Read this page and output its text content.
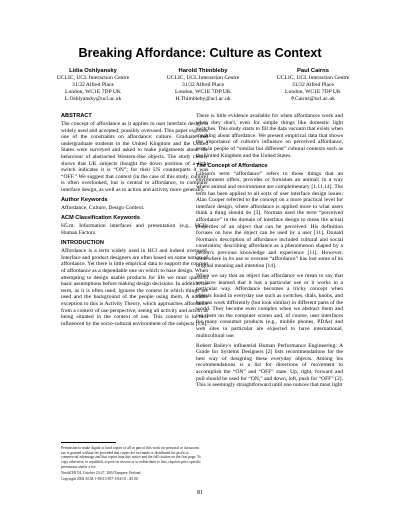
Breaking Affordance: Culture as Context
Lidia Oshlyansky
UCLIC, UCL Interaction Centre
31/32 Alfred Place
London, WC1E 7DP UK
L.Oshlyansky@ucl.ac.uk
Harold Thimbleby
UCLIC, UCL Interaction Centre
31/32 Alfred Place
London, WC1E 7DP UK
H.Thimbleby@ucl.ac.uk
Paul Cairns
UCLIC, UCL Interaction Centre
31/32 Alfred Place
London, WC1E 7DP UK
P.Cairns@ucl.ac.uk
ABSTRACT

The concept of affordance as it applies to user interface design is widely used and accepted; possibly overused. This paper explores one of the constraints on affordance: culture. Graduate and undergraduate students in the United Kingdom and the United States were surveyed and asked to make judgements about the behaviour of abstracted Western-like objects. The study clearly shows that UK subjects thought the down position of a light switch indicates it is “ON”; for their US counterparts it was “OFF.” We suggest that context (in the case of this study, culture) is often overlooked, but is central to affordance, to computer interface design, as well as to action and activity more generally.

Author Keywords

Affordance, Culture, Design Context.

ACM Classification Keywords

H5.m. Information interfaces and presentation (e.g., HCI): Human Factors.

INTRODUCTION

Affordance is a term widely used in HCI and indeed overused. Interface and product designers are often based on some notion of affordance. Yet there is little empirical data to support the concept of affordance as a dependable one on which to base design. When attempting to design usable products for life we must question basic assumptions before making design decisions. In addition the term, as it is often used, ignores the context in which things are used and the background of the people using them. A notable exception to this is Activity Theory, which approaches affordance from a context of use perspective; seeing all activity and action as being situated in the context of use. This context is in turn influenced by the socio-cultural environment of the subjects [1,8].

Permission to make digital or hard copies of all or part of this work for personal or classroom use is granted without fee provided that copies are not made or distributed for profit or commercial advantage and that copies bear this notice and the full citation on the first page. To copy otherwise, to republish, to post on servers or to redistribute to lists, requires prior specific permission and/or a fee.

NordiCHI '04, October 23-27, 2004 Tampere, Finland

Copyright 2004 ACM 1-58113-857-1/04/10 ...$5.00

There is little evidence available for when affordances work and when they don't, even for simple things like domestic light switches. This study starts to fill the data vacuum that exists when speaking about affordance. We present empirical data that shows the importance of culture's influence on perceived affordance, even in people of “similar but different” cultural contexts such as the United Kingdom and the United States.

The Concept of Affordance

Gibson's term “affordance” refers to those things that an environment offers, provides or furnishes an animal; in a way where animal and environment are complementary [1,11,14]. The term has been applied to all sorts of user interface design issues; Alan Cooper referred to the concept on a more practical level for interface design, where affordance is applied more to what users think a thing should do [3]. Norman used the term “perceived affordance” in the domain of interface design to mean the actual properties of an object that can be perceived. His definition focuses on how the object can be used by a user [11]. Donald Norman's description of affordance included cultural and social constraints; describing affordance as a phenomenon shaped by a person's previous knowledge and experience [11]. However, somewhere in its use or overuse “affordance” has lost some of its original meaning and intention [14].

When we say that an object has affordance we mean to say that we have learned that it has a particular use or it works in a particular way. Affordance becomes a tricky concept when objects found in everyday use such as switches, dials, knobs, and buttons work differently (but look similar) in different parts of the world. They become even complex when we abstract them and put them on the computer screen and, of course, user interfaces for many consumer products (e.g., mobile phones, PDAs) and web sites in particular are expected to have international, multicultural use.

Robert Bailey's influential Human Performance Engineering: A Guide for Systems Designers [2] lists recommendations for the best way of designing these everyday objects. Among his recommendations is a list for directions of movement to accomplish the “ON” and “OFF” state. Up, right, forward and pull should be used for “ON,” and down, left, push for “OFF” [2]. This is seemingly straightforward until one notices that most light

81
